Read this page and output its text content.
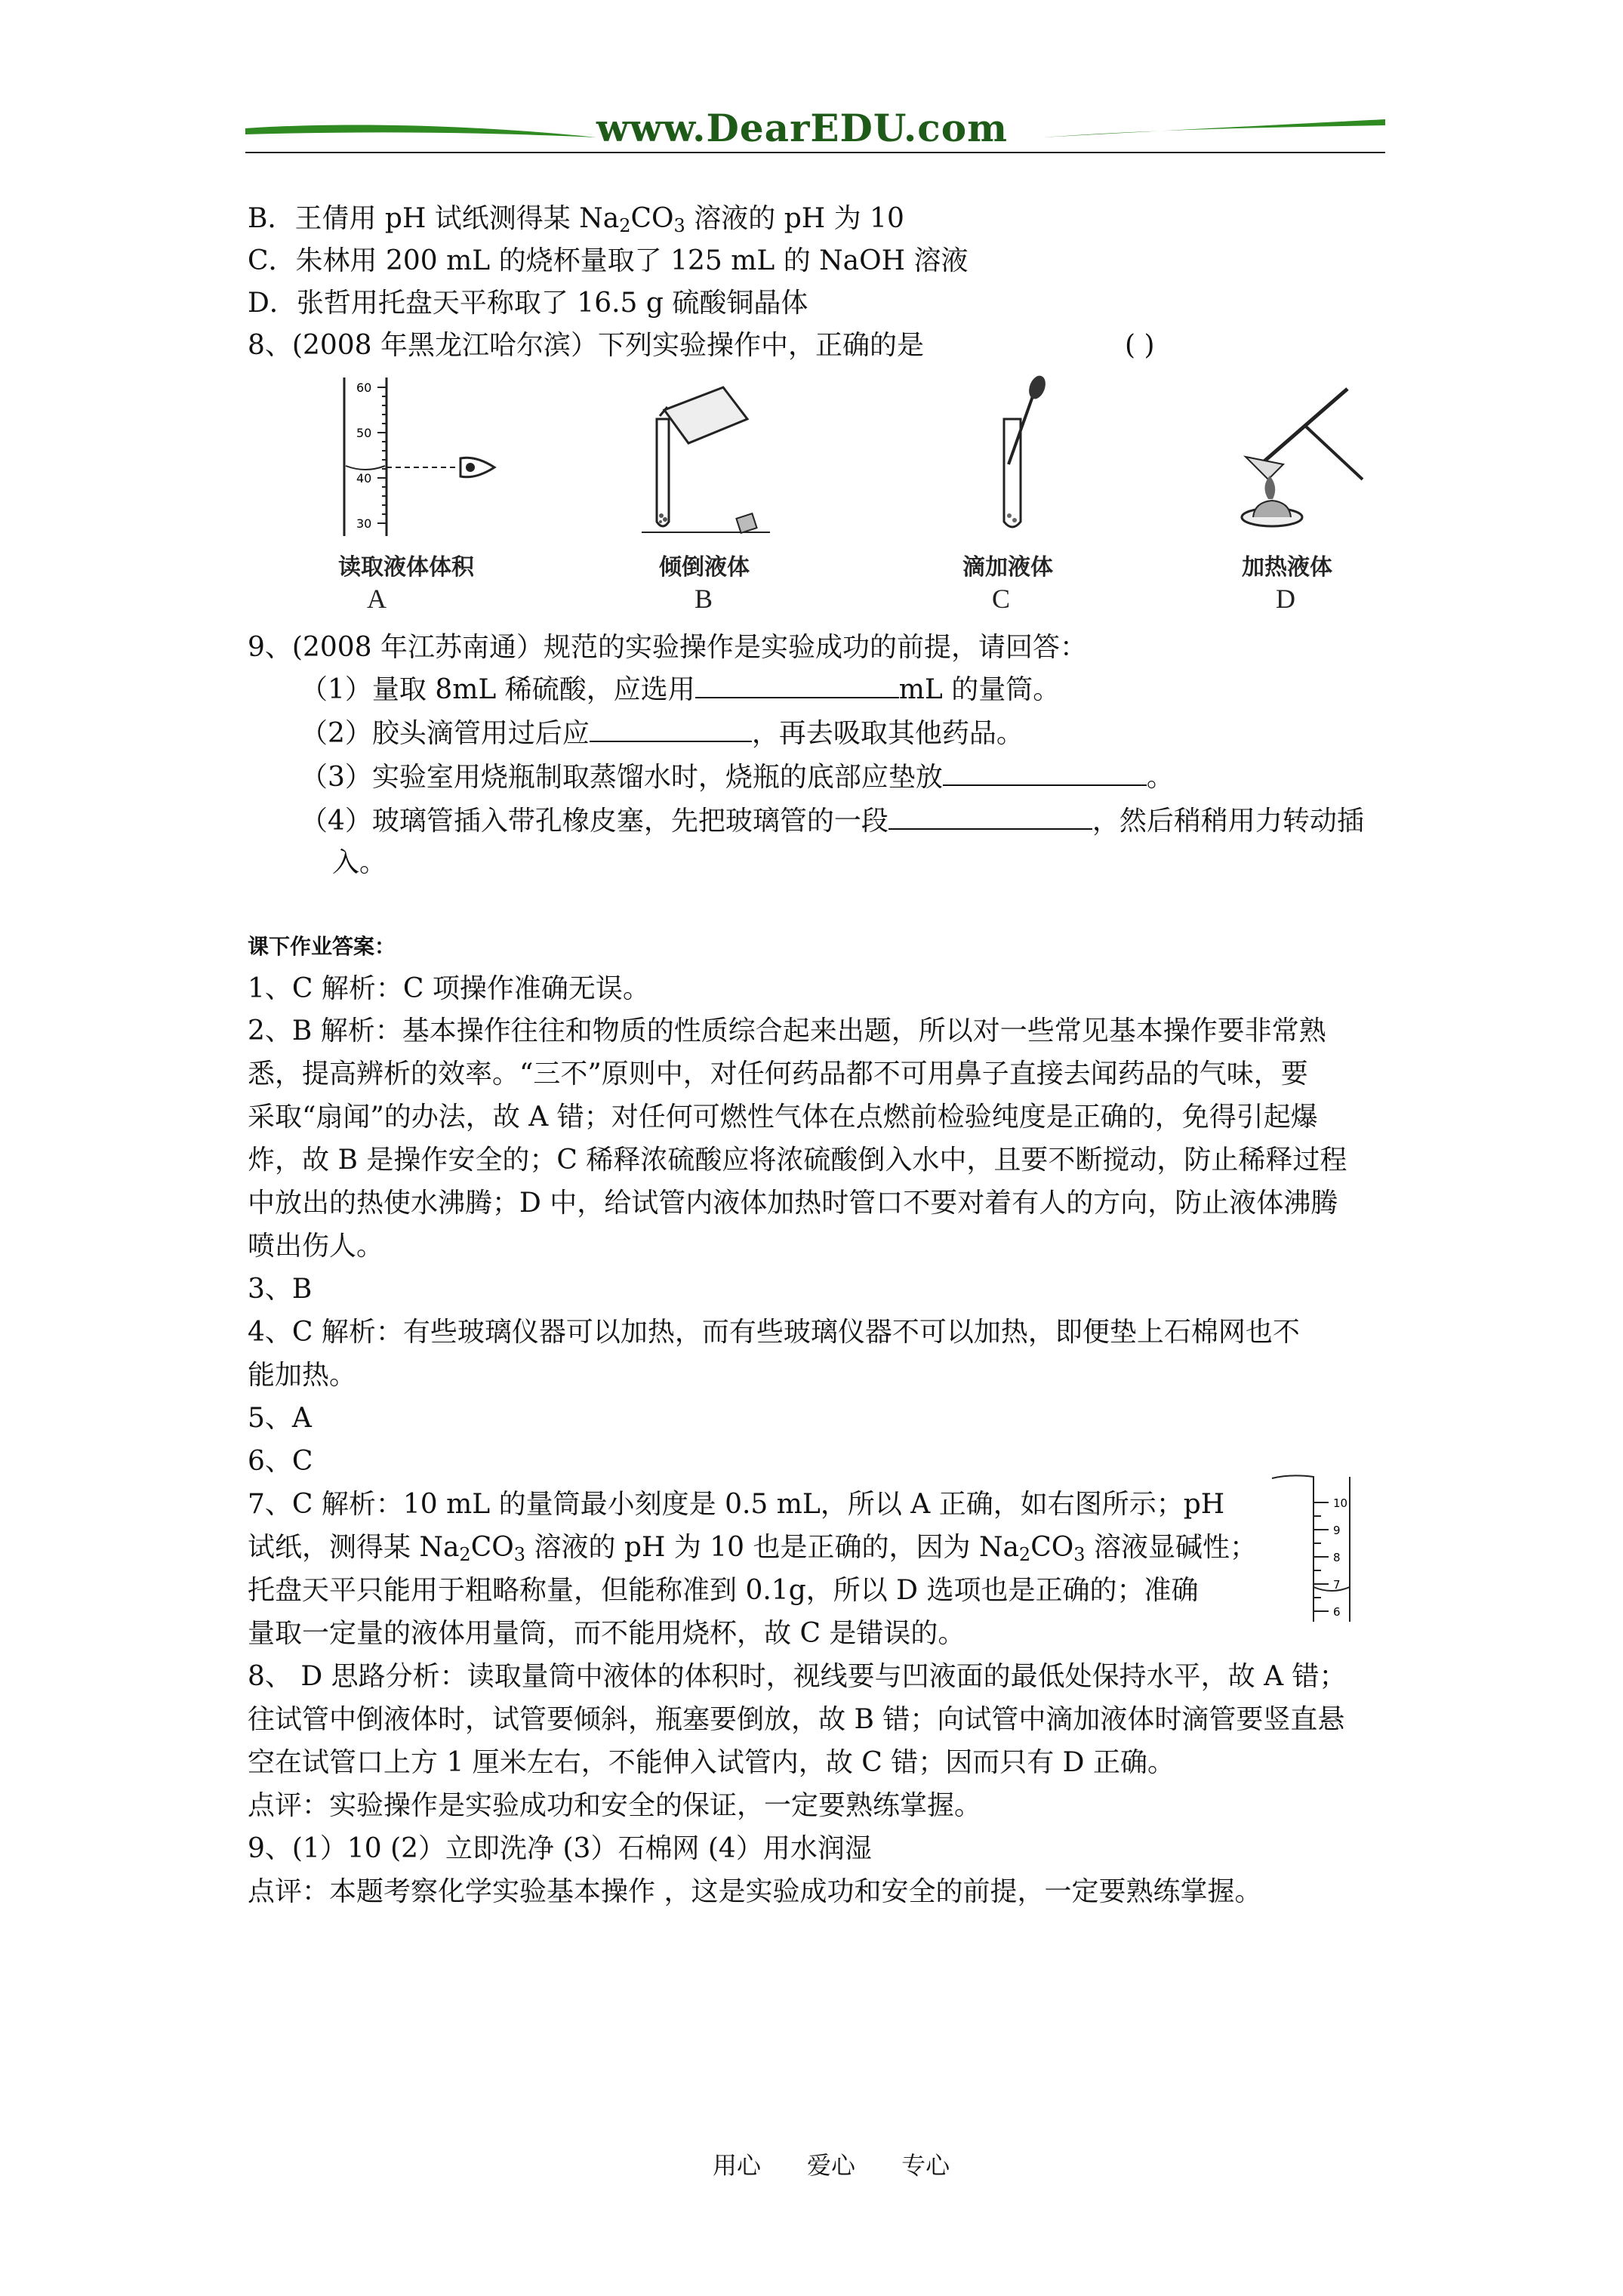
www.DearEDU.com
B．王倩用 pH 试纸测得某 $Na_2CO_3$ 溶液的 pH 为 10
C．朱林用 200 mL 的烧杯量取了 125 mL 的 NaOH 溶液
D．张哲用托盘天平称取了 16.5 g 硫酸铜晶体
8、(2008 年黑龙江哈尔滨）下列实验操作中，正确的是	( )
60
50
40
30
读取液体体积
A
倾倒液体
B
滴加液体
C
加热液体
D
9、(2008 年江苏南通）规范的实验操作是实验成功的前提，请回答：
（1）量取 8mL 稀硫酸，应选用	mL 的量筒。
（2）胶头滴管用过后应	，再去吸取其他药品。
（3）实验室用烧瓶制取蒸馏水时，烧瓶的底部应垫放	。
（4）玻璃管插入带孔橡皮塞，先把玻璃管的一段	，然后稍稍用力转动插
入。
课下作业答案：
1、C 解析：C 项操作准确无误。
2、B 解析：基本操作往往和物质的性质综合起来出题，所以对一些常见基本操作要非常熟
悉，提高辨析的效率。“三不”原则中，对任何药品都不可用鼻子直接去闻药品的气味，要
采取“扇闻”的办法，故 A 错；对任何可燃性气体在点燃前检验纯度是正确的，免得引起爆
炸，故 B 是操作安全的；C 稀释浓硫酸应将浓硫酸倒入水中，且要不断搅动，防止稀释过程
中放出的热使水沸腾；D 中，给试管内液体加热时管口不要对着有人的方向，防止液体沸腾
喷出伤人。
3、B
4、C 解析：有些玻璃仪器可以加热，而有些玻璃仪器不可以加热，即便垫上石棉网也不
能加热。
5、A
6、C
7、C 解析：10 mL 的量筒最小刻度是 0.5 mL，所以 A 正确，如右图所示；pH
试纸，测得某 $Na_2CO_3$ 溶液的 pH 为 10 也是正确的，因为 $Na_2CO_3$ 溶液显碱性；
托盘天平只能用于粗略称量，但能称准到 0.1g，所以 D 选项也是正确的；准确
量取一定量的液体用量筒，而不能用烧杯，故 C 是错误的。
10
9
8
7
6
8、 D 思路分析：读取量筒中液体的体积时，视线要与凹液面的最低处保持水平，故 A 错；
往试管中倒液体时，试管要倾斜，瓶塞要倒放，故 B 错；向试管中滴加液体时滴管要竖直悬
空在试管口上方 1 厘米左右，不能伸入试管内，故 C 错；因而只有 D 正确。
点评：实验操作是实验成功和安全的保证，一定要熟练掌握。
9、(1）10 (2）立即洗净 (3）石棉网 (4）用水润湿
点评：本题考察化学实验基本操作 ，这是实验成功和安全的前提，一定要熟练掌握。
用心      爱心      专心
